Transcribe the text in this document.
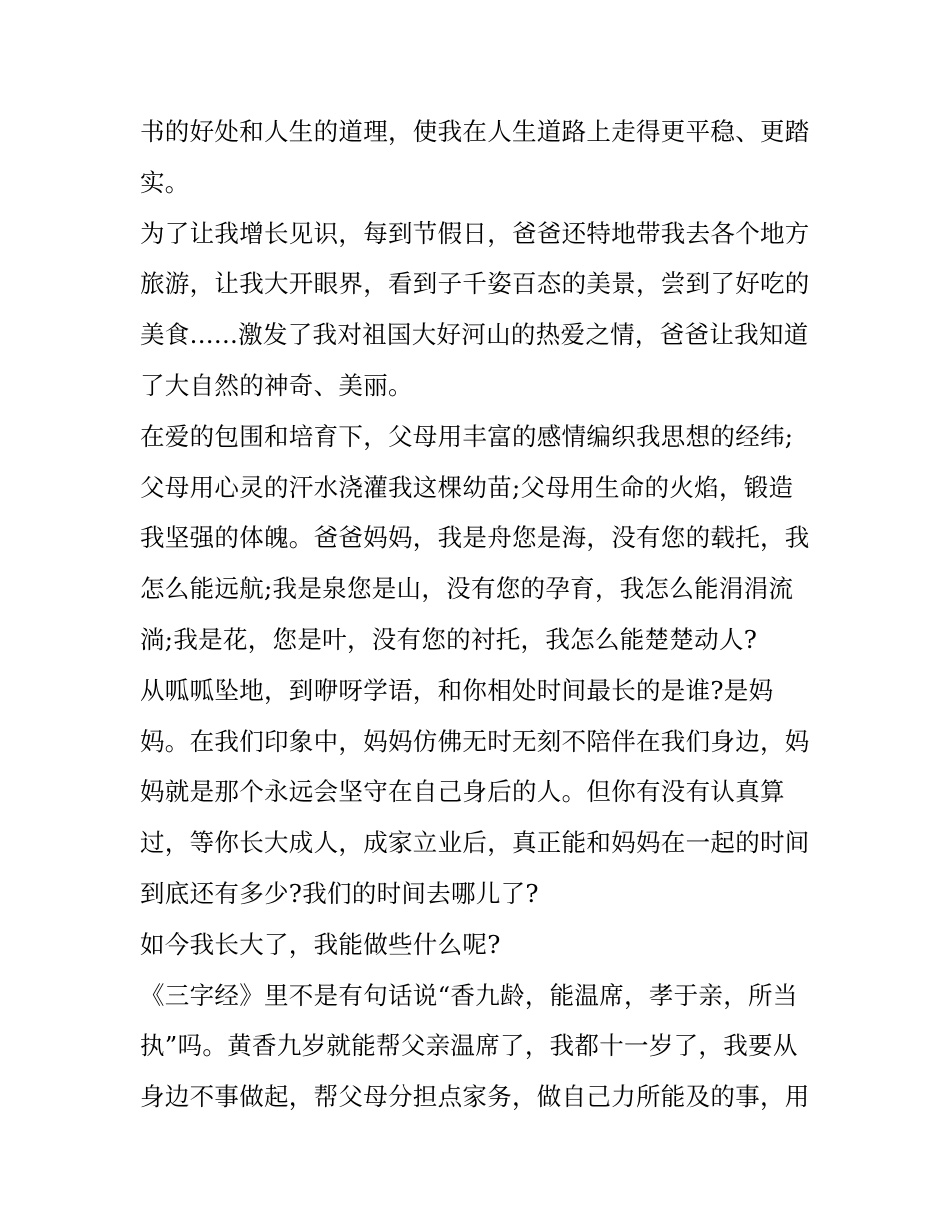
书的好处和人生的道理，使我在人生道路上走得更平稳、更踏
实。
为了让我增长见识，每到节假日，爸爸还特地带我去各个地方
旅游，让我大开眼界，看到子千姿百态的美景，尝到了好吃的
美食......激发了我对祖国大好河山的热爱之情，爸爸让我知道
了大自然的神奇、美丽。
在爱的包围和培育下，父母用丰富的感情编织我思想的经纬;
父母用心灵的汗水浇灌我这棵幼苗;父母用生命的火焰，锻造
我坚强的体魄。爸爸妈妈，我是舟您是海，没有您的载托，我
怎么能远航;我是泉您是山，没有您的孕育，我怎么能涓涓流
淌;我是花，您是叶，没有您的衬托，我怎么能楚楚动人?
从呱呱坠地，到咿呀学语，和你相处时间最长的是谁?是妈
妈。在我们印象中，妈妈仿佛无时无刻不陪伴在我们身边，妈
妈就是那个永远会坚守在自己身后的人。但你有没有认真算
过，等你长大成人，成家立业后，真正能和妈妈在一起的时间
到底还有多少?我们的时间去哪儿了?
如今我长大了，我能做些什么呢?
《三字经》里不是有句话说“香九龄，能温席，孝于亲，所当
执”吗。黄香九岁就能帮父亲温席了，我都十一岁了，我要从
身边不事做起，帮父母分担点家务，做自己力所能及的事，用
